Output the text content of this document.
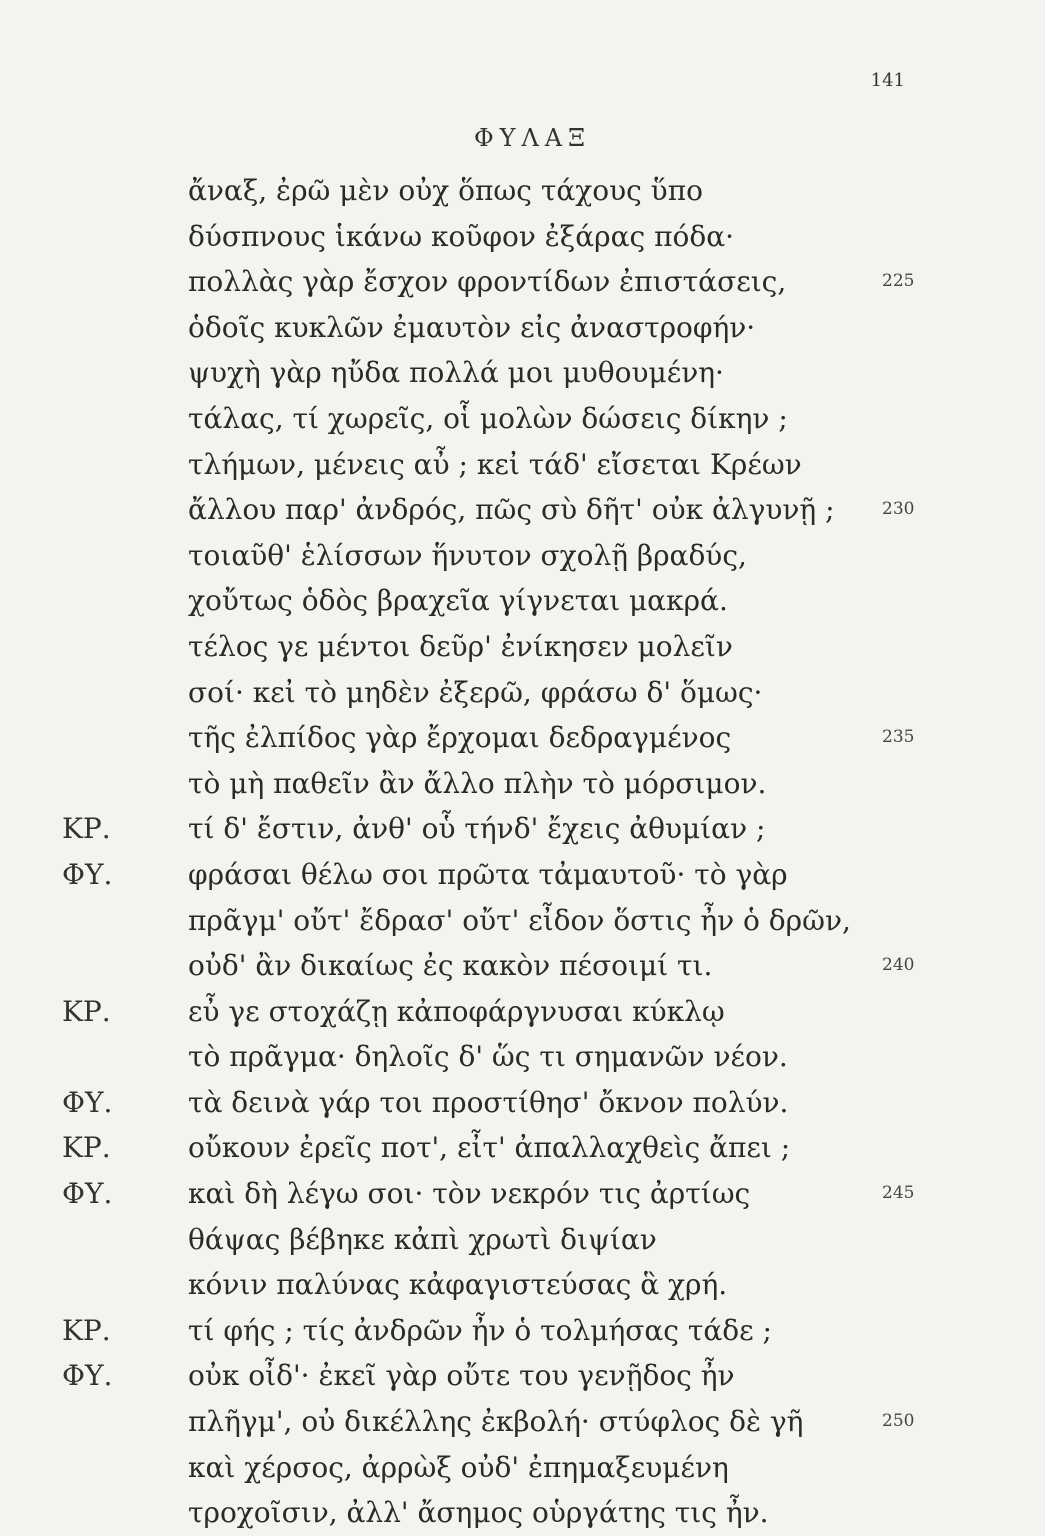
141
ΦΥΛΑΞ
ἄναξ, ἐρῶ μὲν οὐχ ὅπως τάχους ὕπο
δύσπνους ἱκάνω κοῦφον ἐξάρας πόδα·
πολλὰς γὰρ ἔσχον φροντίδων ἐπιστάσεις,	225
ὁδοῖς κυκλῶν ἐμαυτὸν εἰς ἀναστροφήν·
ψυχὴ γὰρ ηὔδα πολλά μοι μυθουμένη·
τάλας, τί χωρεῖς, οἷ μολὼν δώσεις δίκην ;
τλήμων, μένεις αὖ ; κεἰ τάδ' εἴσεται Κρέων
ἄλλου παρ' ἀνδρός, πῶς σὺ δῆτ' οὐκ ἀλγυνῇ ;	230
τοιαῦθ' ἑλίσσων ἥνυτον σχολῇ βραδύς,
χοὔτως ὁδὸς βραχεῖα γίγνεται μακρά.
τέλος γε μέντοι δεῦρ' ἐνίκησεν μολεῖν
σοί· κεἰ τὸ μηδὲν ἐξερῶ, φράσω δ' ὅμως·
τῆς ἐλπίδος γὰρ ἔρχομαι δεδραγμένος	235
τὸ μὴ παθεῖν ἂν ἄλλο πλὴν τὸ μόρσιμον.
ΚΡ.	τί δ' ἔστιν, ἀνθ' οὗ τήνδ' ἔχεις ἀθυμίαν ;
ΦΥ.	φράσαι θέλω σοι πρῶτα τἀμαυτοῦ· τὸ γὰρ
πρᾶγμ' οὔτ' ἔδρασ' οὔτ' εἶδον ὅστις ἦν ὁ δρῶν,
οὐδ' ἂν δικαίως ἐς κακὸν πέσοιμί τι.	240
ΚΡ.	εὖ γε στοχάζῃ κἀποφάργνυσαι κύκλῳ
τὸ πρᾶγμα· δηλοῖς δ' ὥς τι σημανῶν νέον.
ΦΥ.	τὰ δεινὰ γάρ τοι προστίθησ' ὄκνον πολύν.
ΚΡ.	οὔκουν ἐρεῖς ποτ', εἶτ' ἀπαλλαχθεὶς ἄπει ;
ΦΥ.	καὶ δὴ λέγω σοι· τὸν νεκρόν τις ἀρτίως	245
θάψας βέβηκε κἀπὶ χρωτὶ διψίαν
κόνιν παλύνας κἀφαγιστεύσας ἃ χρή.
ΚΡ.	τί φής ; τίς ἀνδρῶν ἦν ὁ τολμήσας τάδε ;
ΦΥ.	οὐκ οἶδ'· ἐκεῖ γὰρ οὔτε του γενῇδος ἦν
πλῆγμ', οὐ δικέλλης ἐκβολή· στύφλος δὲ γῆ	250
καὶ χέρσος, ἀρρὼξ οὐδ' ἐπημαξευμένη
τροχοῖσιν, ἀλλ' ἄσημος οὑργάτης τις ἦν.
